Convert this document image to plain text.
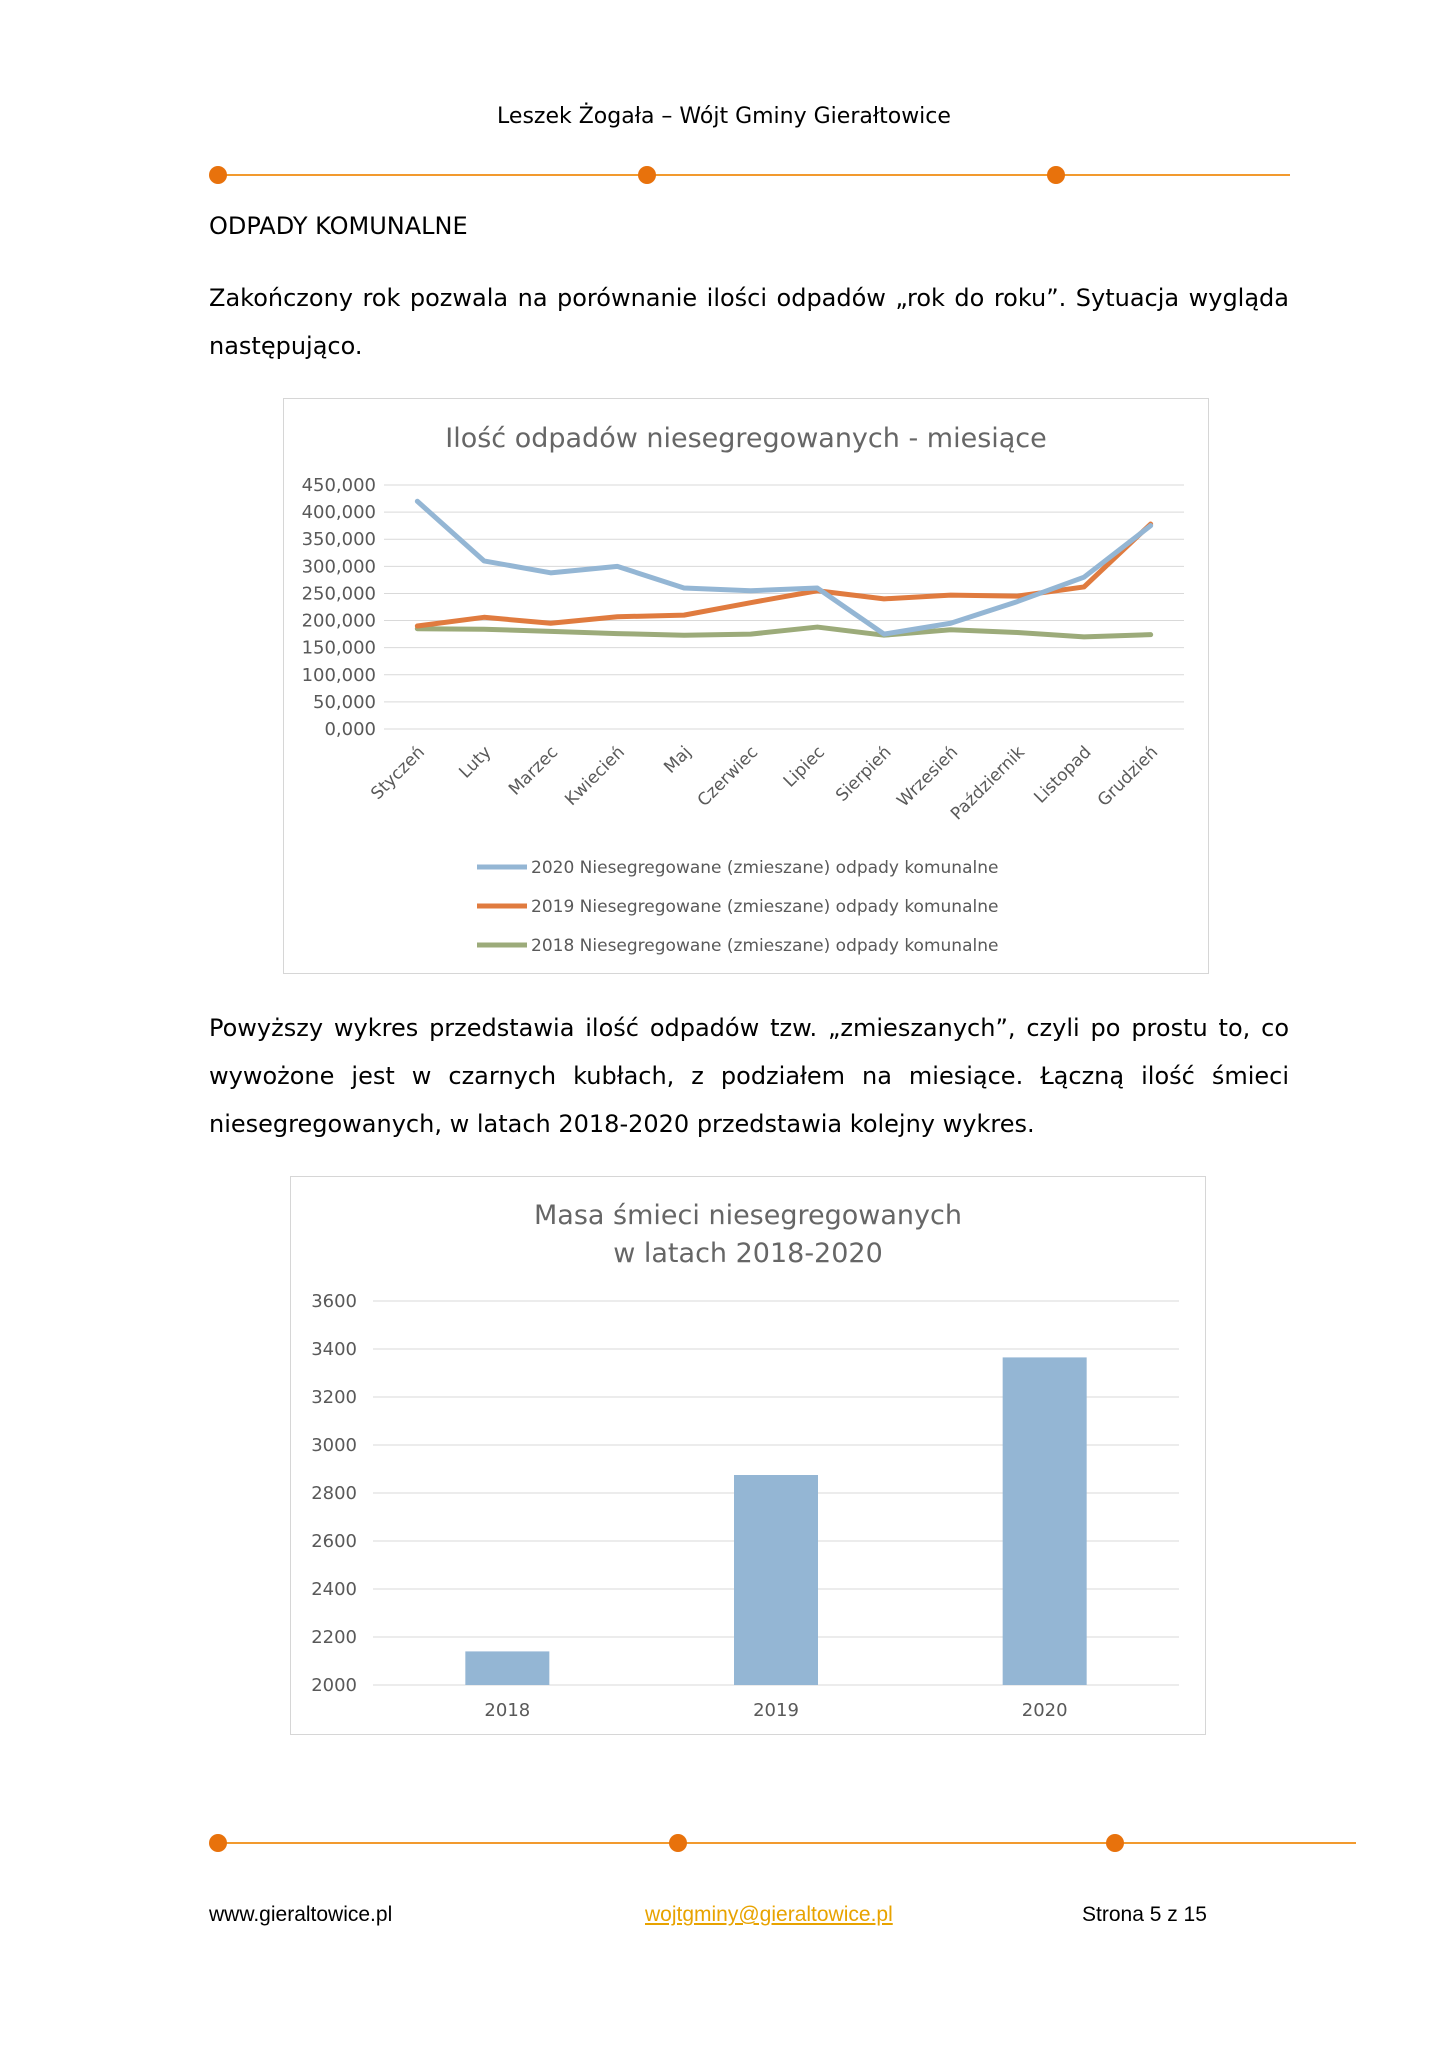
Leszek Żogała – Wójt Gminy Gierałtowice
ODPADY KOMUNALNE

Zakończony rok pozwala na porównanie ilości odpadów „rok do roku”. Sytuacja wygląda następująco.

Ilość odpadów niesegregowanych - miesiące
450,000
400,000
350,000
300,000
250,000
200,000
150,000
100,000
50,000
0,000
Styczeń Luty Marzec Kwiecień Maj
Czerwiec Lipiec Sierpień
Wrzesień
Październik Listopad
Grudzień
2020 Niesegregowane (zmieszane) odpady komunalne
2019 Niesegregowane (zmieszane) odpady komunalne
2018 Niesegregowane (zmieszane) odpady komunalne

Powyższy wykres przedstawia ilość odpadów tzw. „zmieszanych”, czyli po prostu to, co wywożone jest w czarnych kubłach, z podziałem na miesiące. Łączną ilość śmieci niesegregowanych, w latach 2018-2020 przedstawia kolejny wykres.

Masa śmieci niesegregowanych
w latach 2018-2020
3600
3400
3200
3000
2800
2600
2400
2200
2000
2018	2019	2020
www.gieraltowice.pl	wojtgminy@gieraltowice.pl	Strona 5 z 15
